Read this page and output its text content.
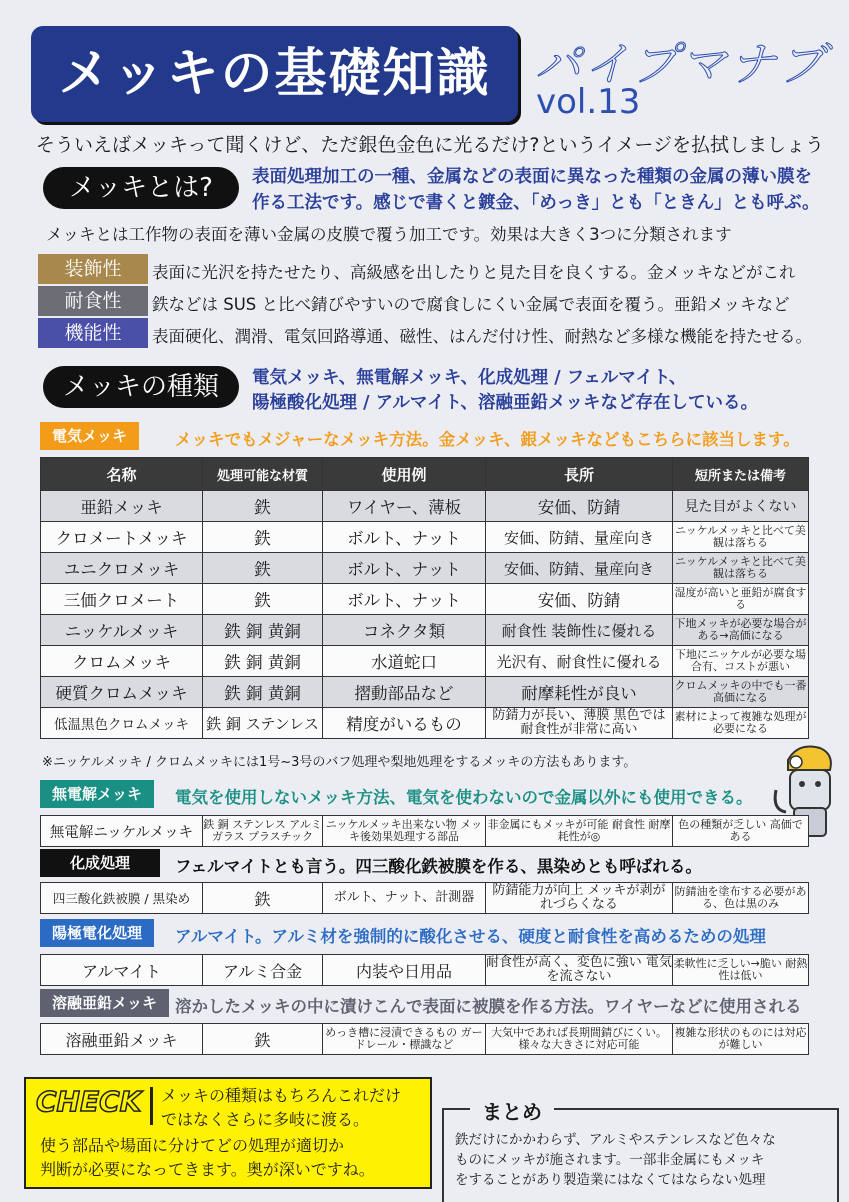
メッキの基礎知識 パイプマナブ
vol.13
そういえばメッキって聞くけど、ただ銀色金色に光るだけ?というイメージを払拭しましょう
メッキとは?	表面処理加工の一種、金属などの表面に異なった種類の金属の薄い膜を
作る工法です。感じで書くと鍍金、「めっき」とも「ときん」とも呼ぶ。
メッキとは工作物の表面を薄い金属の皮膜で覆う加工です。効果は大きく3つに分類されます
装飾性	表面に光沢を持たせたり、高級感を出したりと見た目を良くする。金メッキなどがこれ
耐食性	鉄などは SUS と比べ錆びやすいので腐食しにくい金属で表面を覆う。亜鉛メッキなど
機能性	表面硬化、潤滑、電気回路導通、磁性、はんだ付け性、耐熱など多様な機能を持たせる。
メッキの種類	電気メッキ、無電解メッキ、化成処理 / フェルマイト、
陽極酸化処理 / アルマイト、溶融亜鉛メッキなど存在している。
電気メッキ	メッキでもメジャーなメッキ方法。金メッキ、銀メッキなどもこちらに該当します。
名称	処理可能な材質	使用例	長所	短所または備考
亜鉛メッキ	鉄	ワイヤー、薄板	安価、防錆	見た目がよくない
クロメートメッキ	鉄	ボルト、ナット	安価、防錆、量産向き	ニッケルメッキと比べて美観は落ちる
ユニクロメッキ	鉄	ボルト、ナット	安価、防錆、量産向き	ニッケルメッキと比べて美観は落ちる
三価クロメート	鉄	ボルト、ナット	安価、防錆	湿度が高いと亜鉛が腐食する
ニッケルメッキ	鉄 銅 黄銅	コネクタ類	耐食性 装飾性に優れる	下地メッキが必要な場合がある→高価になる
クロムメッキ	鉄 銅 黄銅	水道蛇口	光沢有、耐食性に優れる	下地にニッケルが必要な場合有、コストが悪い
硬質クロムメッキ	鉄 銅 黄銅	摺動部品など	耐摩耗性が良い	クロムメッキの中でも一番高価になる
低温黒色クロムメッキ	鉄 銅 ステンレス	精度がいるもの	防錆力が長い、薄膜 黒色では耐食性が非常に高い	素材によって複雑な処理が必要になる
※ニッケルメッキ / クロムメッキには1号~3号のバフ処理や梨地処理をするメッキの方法もあります。
無電解メッキ	電気を使用しないメッキ方法、電気を使わないので金属以外にも使用できる。
無電解ニッケルメッキ	鉄 銅 ステンレス アルミ ガラス プラスチック	ニッケルメッキ出来ない物 メッキ後効果処理する部品	非金属にもメッキが可能 耐食性 耐摩耗性が◎	色の種類が乏しい 高価である
化成処理	フェルマイトとも言う。四三酸化鉄被膜を作る、黒染めとも呼ばれる。
四三酸化鉄被膜 / 黒染め	鉄	ボルト、ナット、計測器	防錆能力が向上 メッキが剥がれづらくなる	防錆油を塗布する必要がある、色は黒のみ
陽極電化処理	アルマイト。アルミ材を強制的に酸化させる、硬度と耐食性を高めるための処理
アルマイト	アルミ合金	内装や日用品	耐食性が高く、変色に強い 電気を流さない	柔軟性に乏しい→脆い 耐熱性は低い
溶融亜鉛メッキ	溶かしたメッキの中に漬けこんで表面に被膜を作る方法。ワイヤーなどに使用される
溶融亜鉛メッキ	鉄	めっき槽に浸漬できるもの ガードレール・標識など	大気中であれば長期間錆びにくい。様々な大きさに対応可能	複雑な形状のものには対応が難しい
CHECK メッキの種類はもちろんこれだけ
ではなくさらに多岐に渡る。
使う部品や場面に分けてどの処理が適切か
判断が必要になってきます。奥が深いですね。
まとめ
鉄だけにかかわらず、アルミやステンレスなど色々な
ものにメッキが施されます。一部非金属にもメッキ
をすることがあり製造業にはなくてはならない処理
